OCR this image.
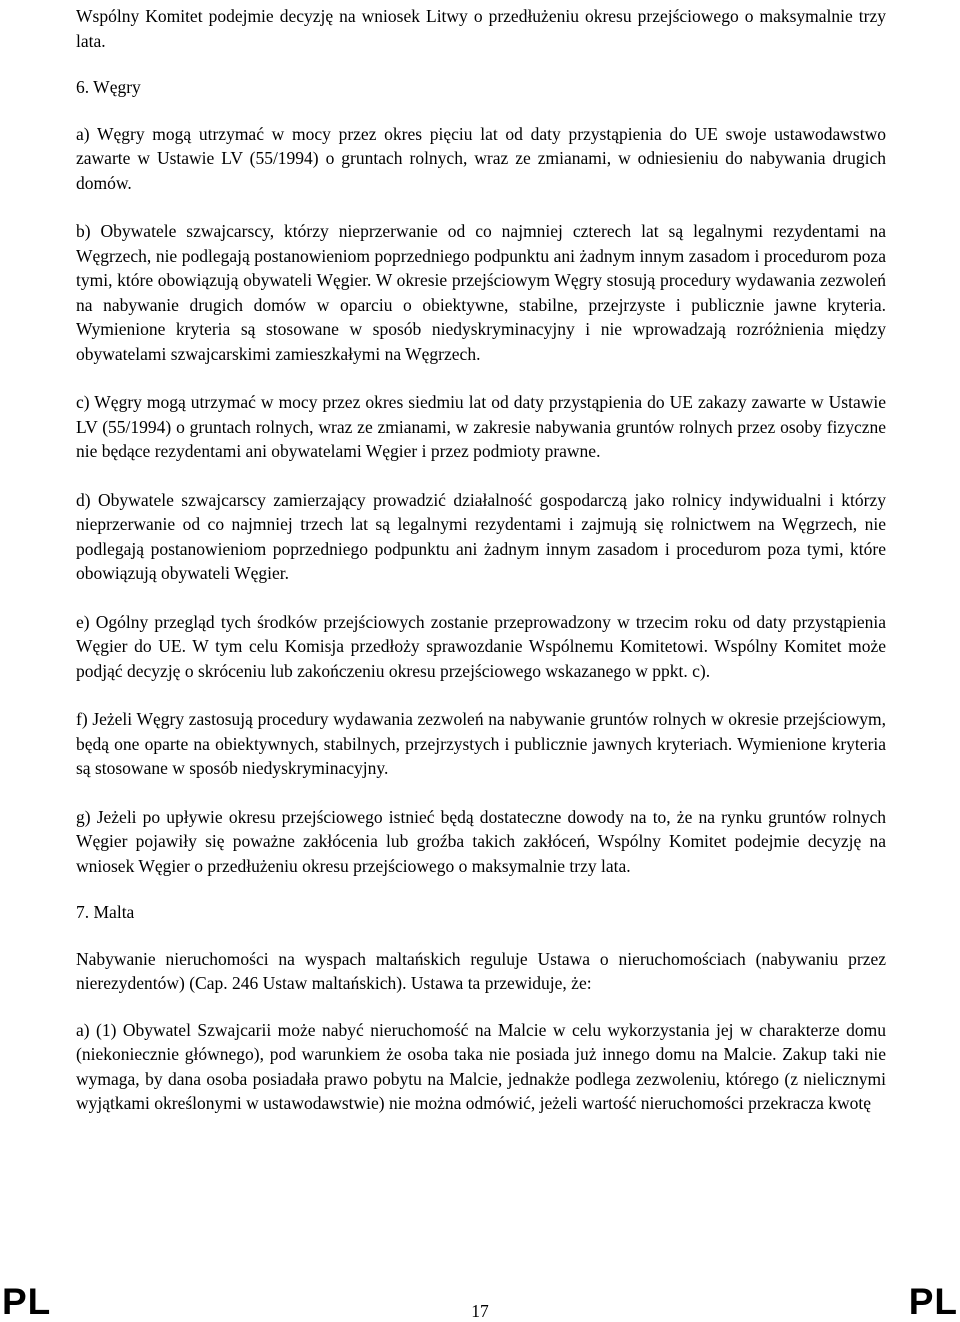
Wspólny Komitet podejmie decyzję na wniosek Litwy o przedłużeniu okresu przejściowego o maksymalnie trzy lata.

6. Węgry

a) Węgry mogą utrzymać w mocy przez okres pięciu lat od daty przystąpienia do UE swoje ustawodawstwo zawarte w Ustawie LV (55/1994) o gruntach rolnych, wraz ze zmianami, w odniesieniu do nabywania drugich domów.

b) Obywatele szwajcarscy, którzy nieprzerwanie od co najmniej czterech lat są legalnymi rezydentami na Węgrzech, nie podlegają postanowieniom poprzedniego podpunktu ani żadnym innym zasadom i procedurom poza tymi, które obowiązują obywateli Węgier. W okresie przejściowym Węgry stosują procedury wydawania zezwoleń na nabywanie drugich domów w oparciu o obiektywne, stabilne, przejrzyste i publicznie jawne kryteria. Wymienione kryteria są stosowane w sposób niedyskryminacyjny i nie wprowadzają rozróżnienia między obywatelami szwajcarskimi zamieszkałymi na Węgrzech.

c) Węgry mogą utrzymać w mocy przez okres siedmiu lat od daty przystąpienia do UE zakazy zawarte w Ustawie LV (55/1994) o gruntach rolnych, wraz ze zmianami, w zakresie nabywania gruntów rolnych przez osoby fizyczne nie będące rezydentami ani obywatelami Węgier i przez podmioty prawne.

d) Obywatele szwajcarscy zamierzający prowadzić działalność gospodarczą jako rolnicy indywidualni i którzy nieprzerwanie od co najmniej trzech lat są legalnymi rezydentami i zajmują się rolnictwem na Węgrzech, nie podlegają postanowieniom poprzedniego podpunktu ani żadnym innym zasadom i procedurom poza tymi, które obowiązują obywateli Węgier.

e) Ogólny przegląd tych środków przejściowych zostanie przeprowadzony w trzecim roku od daty przystąpienia Węgier do UE. W tym celu Komisja przedłoży sprawozdanie Wspólnemu Komitetowi. Wspólny Komitet może podjąć decyzję o skróceniu lub zakończeniu okresu przejściowego wskazanego w ppkt. c).

f) Jeżeli Węgry zastosują procedury wydawania zezwoleń na nabywanie gruntów rolnych w okresie przejściowym, będą one oparte na obiektywnych, stabilnych, przejrzystych i publicznie jawnych kryteriach. Wymienione kryteria są stosowane w sposób niedyskryminacyjny.

g) Jeżeli po upływie okresu przejściowego istnieć będą dostateczne dowody na to, że na rynku gruntów rolnych Węgier pojawiły się poważne zakłócenia lub groźba takich zakłóceń, Wspólny Komitet podejmie decyzję na wniosek Węgier o przedłużeniu okresu przejściowego o maksymalnie trzy lata.

7. Malta

Nabywanie nieruchomości na wyspach maltańskich reguluje Ustawa o nieruchomościach (nabywaniu przez nierezydentów) (Cap. 246 Ustaw maltańskich). Ustawa ta przewiduje, że:

a) (1) Obywatel Szwajcarii może nabyć nieruchomość na Malcie w celu wykorzystania jej w charakterze domu (niekoniecznie głównego), pod warunkiem że osoba taka nie posiada już innego domu na Malcie. Zakup taki nie wymaga, by dana osoba posiadała prawo pobytu na Malcie, jednakże podlega zezwoleniu, którego (z nielicznymi wyjątkami określonymi w ustawodawstwie) nie można odmówić, jeżeli wartość nieruchomości przekracza kwotę

PL	17	PL
